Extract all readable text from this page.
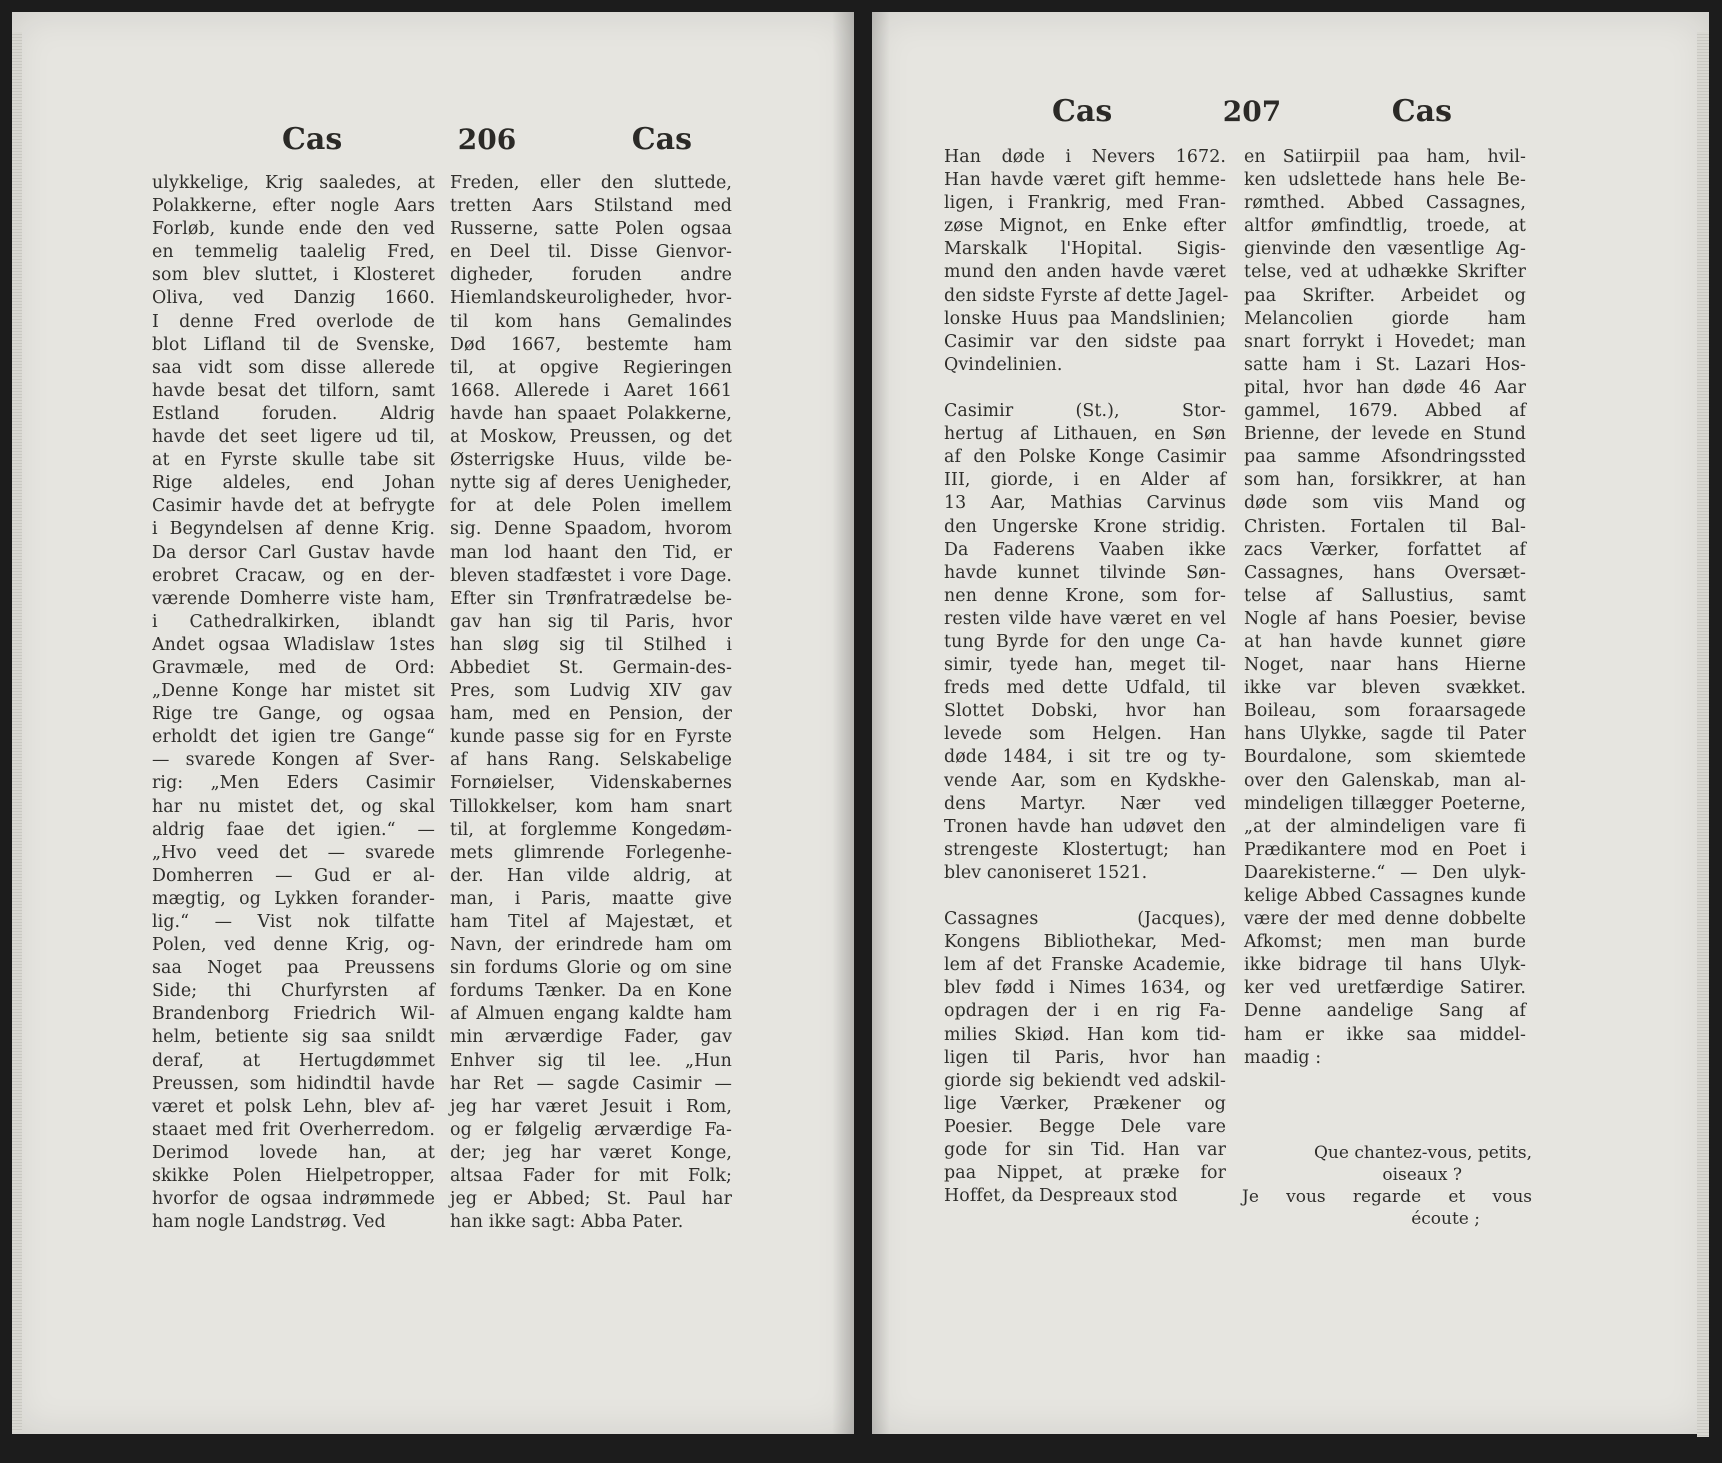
Cas	206	Cas
ulykkelige, Krig saaledes, at
Polakkerne, efter nogle Aars
Forløb, kunde ende den ved
en temmelig taalelig Fred,
som blev sluttet, i Klosteret
Oliva, ved Danzig 1660.
I denne Fred overlode de
blot Lifland til de Svenske,
saa vidt som disse allerede
havde besat det tilforn, samt
Estland foruden. Aldrig
havde det seet ligere ud til,
at en Fyrste skulle tabe sit
Rige aldeles, end Johan
Casimir havde det at befrygte
i Begyndelsen af denne Krig.
Da dersor Carl Gustav havde
erobret Cracaw, og en der-
værende Domherre viste ham,
i Cathedralkirken, iblandt
Andet ogsaa Wladislaw 1stes
Gravmæle, med de Ord:
„Denne Konge har mistet sit
Rige tre Gange, og ogsaa
erholdt det igien tre Gange“
— svarede Kongen af Sver-
rig: „Men Eders Casimir
har nu mistet det, og skal
aldrig faae det igien.“ —
„Hvo veed det — svarede
Domherren — Gud er al-
mægtig, og Lykken forander-
lig.“ — Vist nok tilfatte
Polen, ved denne Krig, og-
saa Noget paa Preussens
Side; thi Churfyrsten af
Brandenborg Friedrich Wil-
helm, betiente sig saa snildt
deraf, at Hertugdømmet
Preussen, som hidindtil havde
været et polsk Lehn, blev af-
staaet med frit Overherredom.
Derimod lovede han, at
skikke Polen Hielpetropper,
hvorfor de ogsaa indrømmede
ham nogle Landstrøg. Ved
Freden, eller den sluttede,
tretten Aars Stilstand med
Russerne, satte Polen ogsaa
en Deel til. Disse Gienvor-
digheder, foruden andre
Hiemlandskeuroligheder, hvor-
til kom hans Gemalindes
Død 1667, bestemte ham
til, at opgive Regieringen
1668. Allerede i Aaret 1661
havde han spaaet Polakkerne,
at Moskow, Preussen, og det
Østerrigske Huus, vilde be-
nytte sig af deres Uenigheder,
for at dele Polen imellem
sig. Denne Spaadom, hvorom
man lod haant den Tid, er
bleven stadfæstet i vore Dage.
Efter sin Trønfratrædelse be-
gav han sig til Paris, hvor
han sløg sig til Stilhed i
Abbediet St. Germain-des-
Pres, som Ludvig XIV gav
ham, med en Pension, der
kunde passe sig for en Fyrste
af hans Rang. Selskabelige
Fornøielser, Videnskabernes
Tillokkelser, kom ham snart
til, at forglemme Kongedøm-
mets glimrende Forlegenhe-
der. Han vilde aldrig, at
man, i Paris, maatte give
ham Titel af Majestæt, et
Navn, der erindrede ham om
sin fordums Glorie og om sine
fordums Tænker. Da en Kone
af Almuen engang kaldte ham
min ærværdige Fader, gav
Enhver sig til lee. „Hun
har Ret — sagde Casimir —
jeg har været Jesuit i Rom,
og er følgelig ærværdige Fa-
der; jeg har været Konge,
altsaa Fader for mit Folk;
jeg er Abbed; St. Paul har
han ikke sagt: Abba Pater.
Cas	207	Cas
Han døde i Nevers 1672.
Han havde været gift hemme-
ligen, i Frankrig, med Fran-
zøse Mignot, en Enke efter
Marskalk l'Hopital. Sigis-
mund den anden havde været
den sidste Fyrste af dette Jagel-
lonske Huus paa Mandslinien;
Casimir var den sidste paa
Qvindelinien.
Casimir (St.), Stor-
hertug af Lithauen, en Søn
af den Polske Konge Casimir
III, giorde, i en Alder af
13 Aar, Mathias Carvinus
den Ungerske Krone stridig.
Da Faderens Vaaben ikke
havde kunnet tilvinde Søn-
nen denne Krone, som for-
resten vilde have været en vel
tung Byrde for den unge Ca-
simir, tyede han, meget til-
freds med dette Udfald, til
Slottet Dobski, hvor han
levede som Helgen. Han
døde 1484, i sit tre og ty-
vende Aar, som en Kydskhe-
dens Martyr. Nær ved
Tronen havde han udøvet den
strengeste Klostertugt; han
blev canoniseret 1521.
Cassagnes (Jacques),
Kongens Bibliothekar, Med-
lem af det Franske Academie,
blev fødd i Nimes 1634, og
opdragen der i en rig Fa-
milies Skiød. Han kom tid-
ligen til Paris, hvor han
giorde sig bekiendt ved adskil-
lige Værker, Prækener og
Poesier. Begge Dele vare
gode for sin Tid. Han var
paa Nippet, at præke for
Hoffet, da Despreaux stod
en Satiirpiil paa ham, hvil-
ken udslettede hans hele Be-
rømthed. Abbed Cassagnes,
altfor ømfindtlig, troede, at
gienvinde den væsentlige Ag-
telse, ved at udhække Skrifter
paa Skrifter. Arbeidet og
Melancolien giorde ham
snart forrykt i Hovedet; man
satte ham i St. Lazari Hos-
pital, hvor han døde 46 Aar
gammel, 1679. Abbed af
Brienne, der levede en Stund
paa samme Afsondringssted
som han, forsikkrer, at han
døde som viis Mand og
Christen. Fortalen til Bal-
zacs Værker, forfattet af
Cassagnes, hans Oversæt-
telse af Sallustius, samt
Nogle af hans Poesier, bevise
at han havde kunnet giøre
Noget, naar hans Hierne
ikke var bleven svækket.
Boileau, som foraarsagede
hans Ulykke, sagde til Pater
Bourdalone, som skiemtede
over den Galenskab, man al-
mindeligen tillægger Poeterne,
„at der almindeligen vare fi
Prædikantere mod en Poet i
Daarekisterne.“ — Den ulyk-
kelige Abbed Cassagnes kunde
være der med denne dobbelte
Afkomst; men man burde
ikke bidrage til hans Ulyk-
ker ved uretfærdige Satirer.
Denne aandelige Sang af
ham er ikke saa middel-
maadig :
Que chantez-vous, petits,
oiseaux ?
Je vous regarde et vous
écoute ;
